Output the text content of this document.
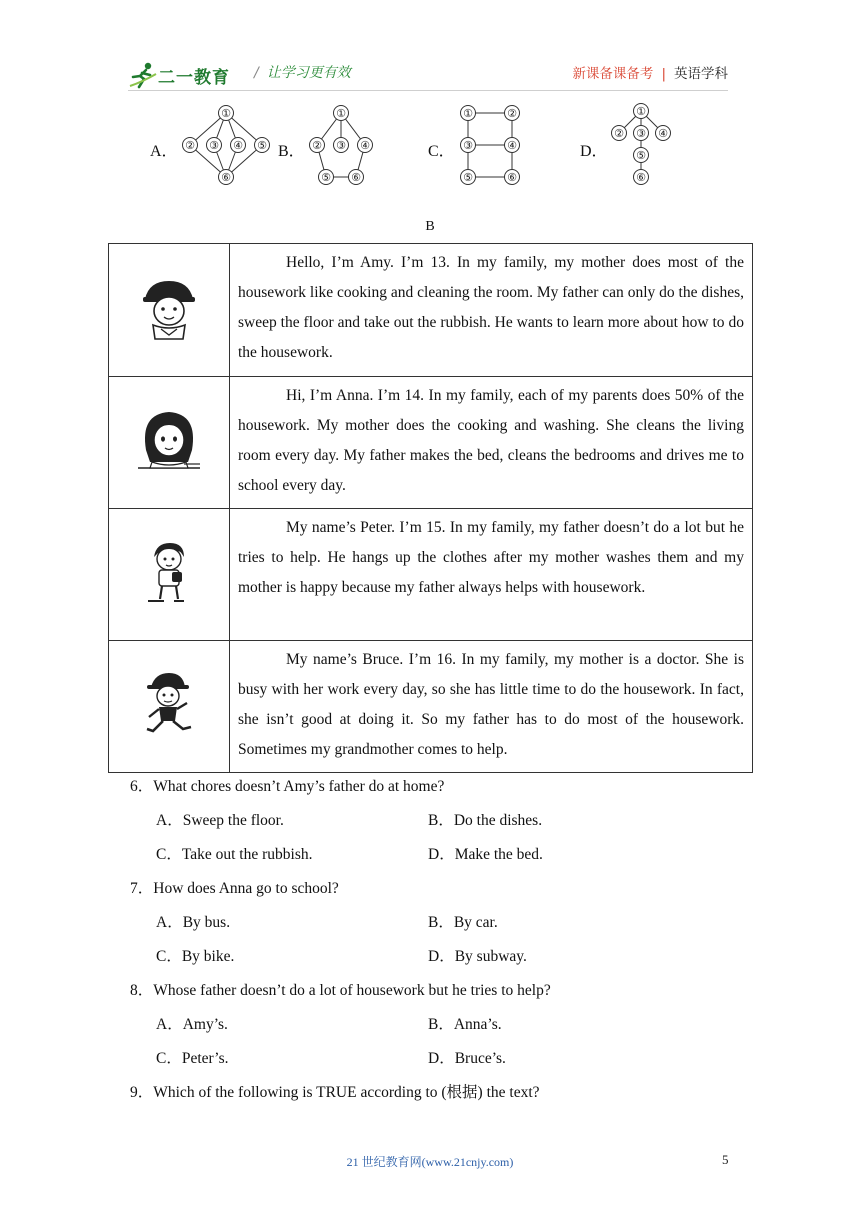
二一教育 / 让学习更有效	新课备课备考 | 英语学科
A．
①
② ③ ④ ⑤
⑥
B．
①
② ③ ④
⑤ ⑥
C．
①	②
③	④
⑤	⑥
D．
①
② ③ ④
⑤
⑥
B
	Hello, I’m Amy. I’m 13. In my family, my mother does most of the housework like cooking and cleaning the room. My father can only do the dishes, sweep the floor and take out the rubbish. He wants to learn more about how to do the housework.
	Hi, I’m Anna. I’m 14. In my family, each of my parents does 50% of the housework. My mother does the cooking and washing. She cleans the living room every day. My father makes the bed, cleans the bedrooms and drives me to school every day.
	My name’s Peter. I’m 15. In my family, my father doesn’t do a lot but he tries to help. He hangs up the clothes after my mother washes them and my mother is happy because my father always helps with housework.
	My name’s Bruce. I’m 16. In my family, my mother is a doctor. She is busy with her work every day, so she has little time to do the housework. In fact, she isn’t good at doing it. So my father has to do most of the housework. Sometimes my grandmother comes to help.
6．What chores doesn’t Amy’s father do at home?
A．Sweep the floor.	B．Do the dishes.
C．Take out the rubbish.	D．Make the bed.
7．How does Anna go to school?
A．By bus.	B．By car.
C．By bike.	D．By subway.
8．Whose father doesn’t do a lot of housework but he tries to help?
A．Amy’s.	B．Anna’s.
C．Peter’s.	D．Bruce’s.
9．Which of the following is TRUE according to (根据) the text?
21 世纪教育网(www.21cnjy.com)	5
